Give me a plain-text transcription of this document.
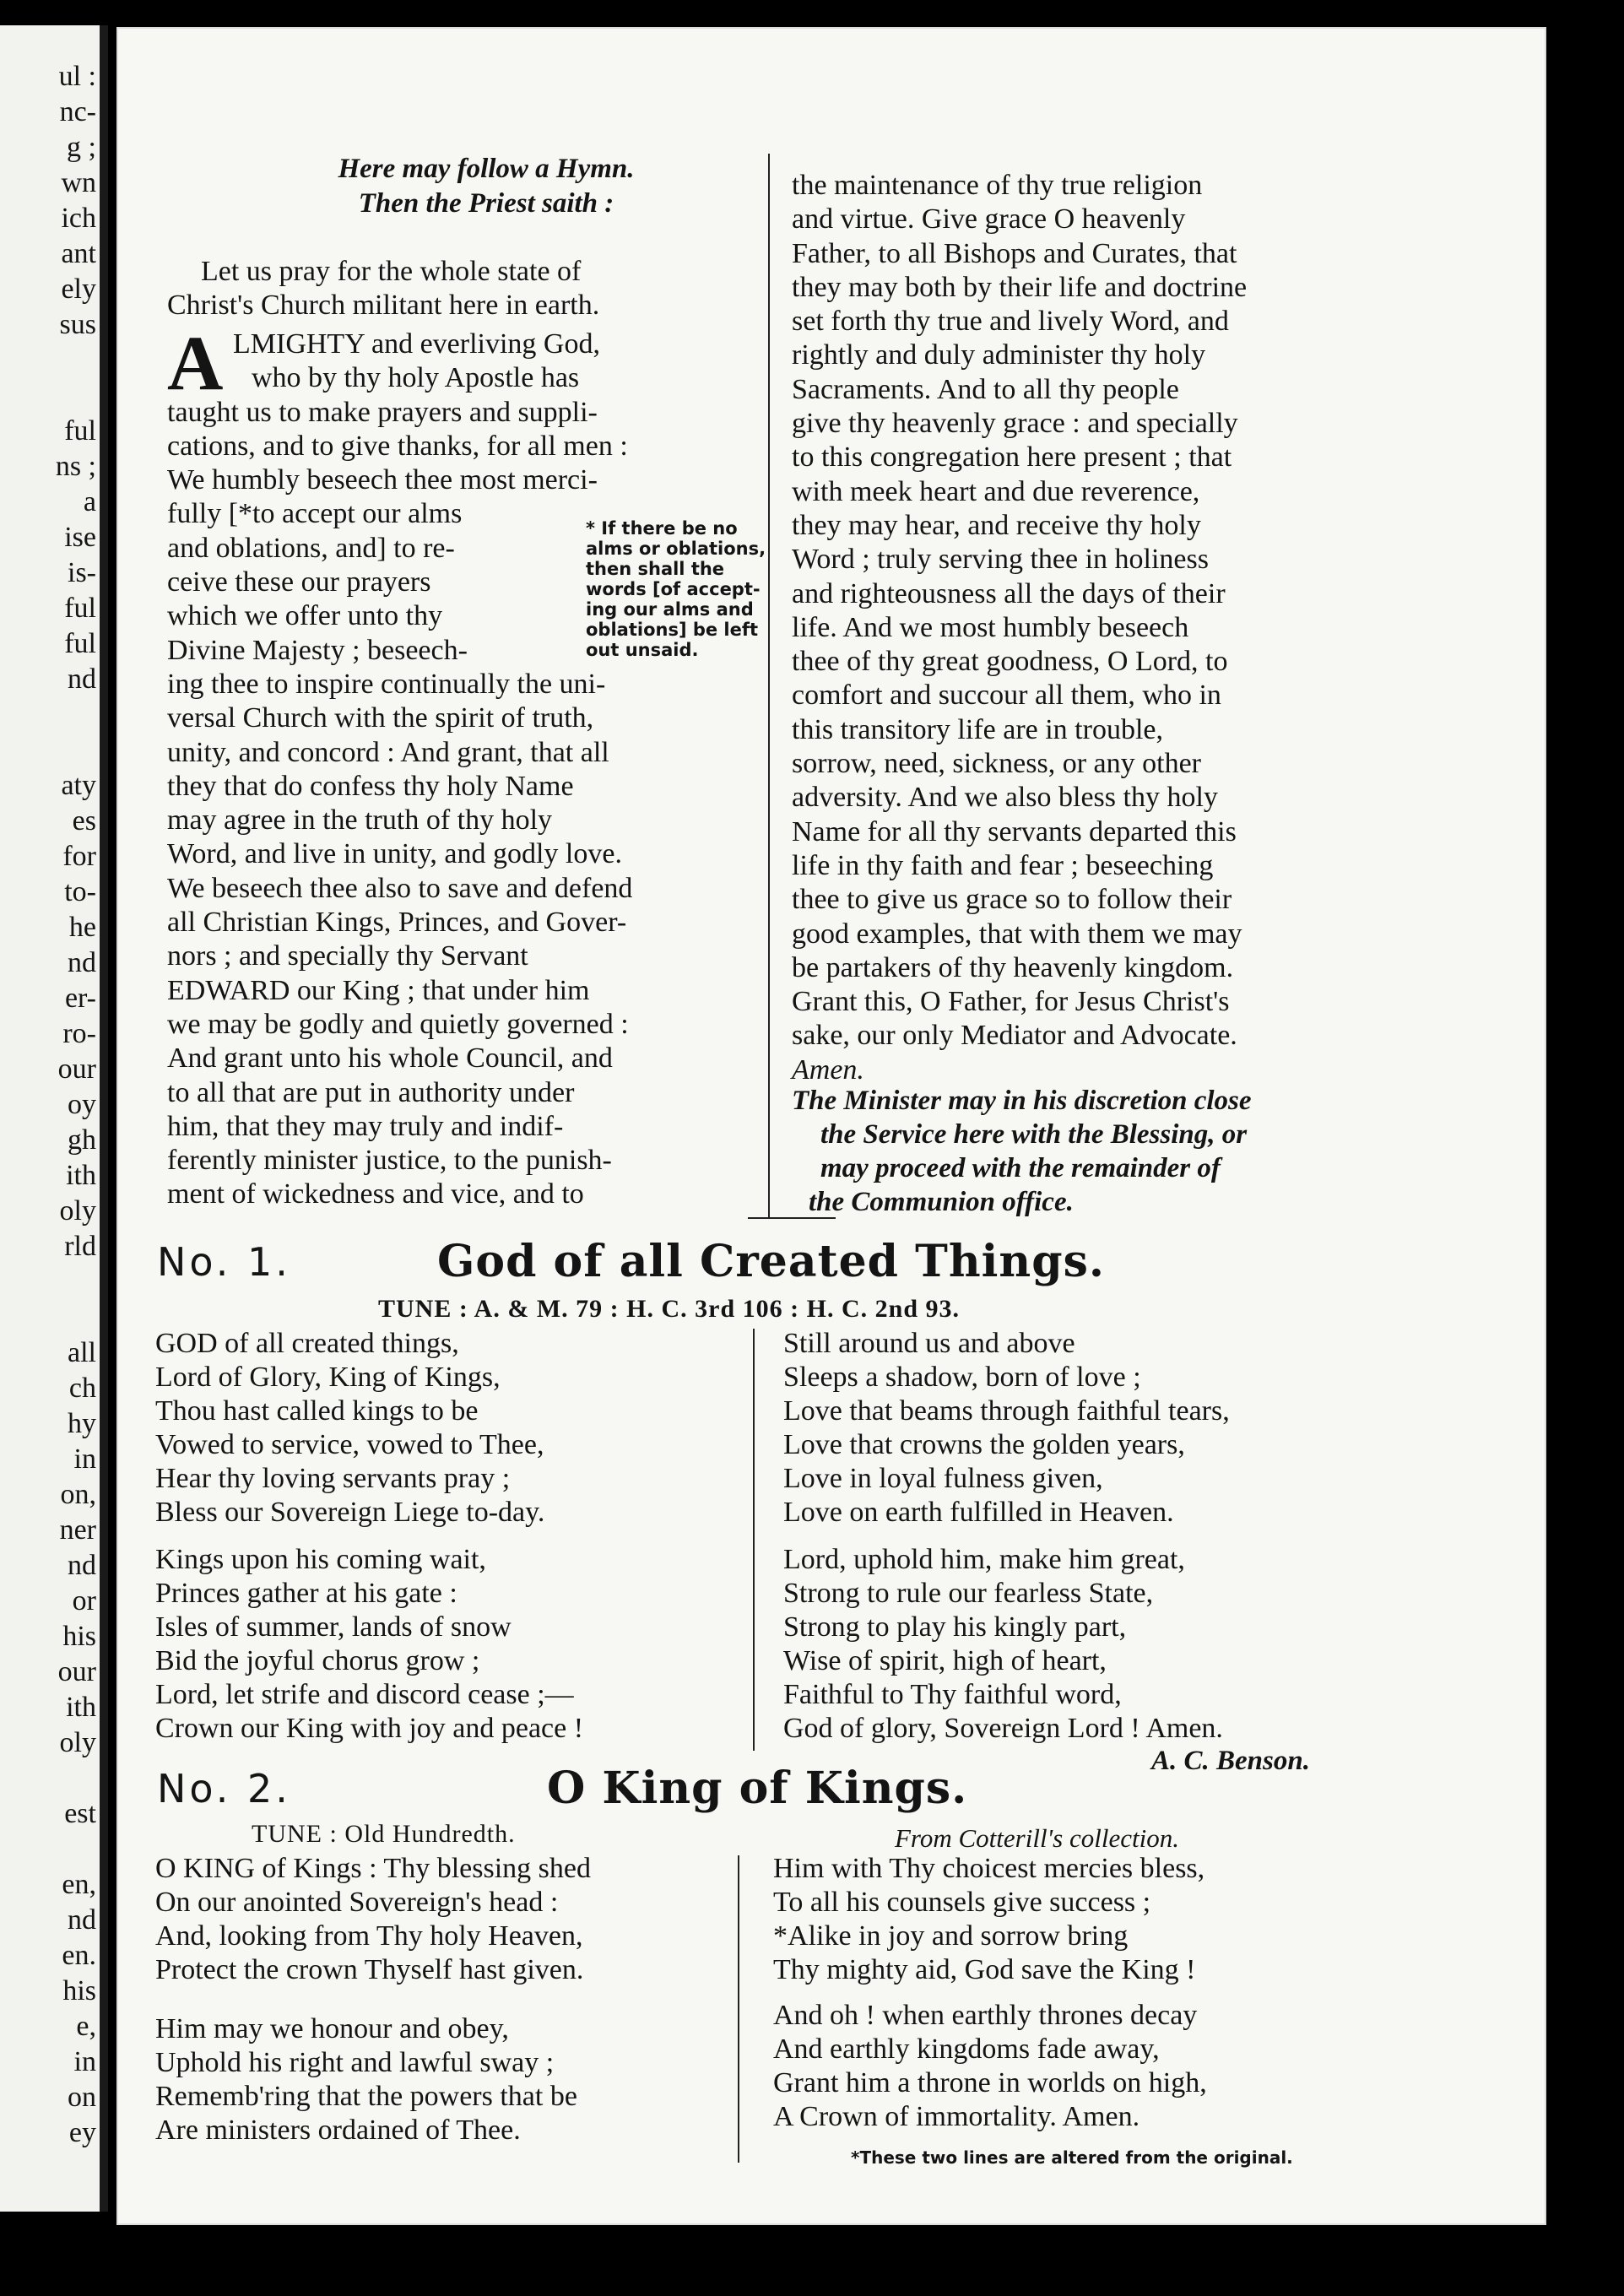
ul :
nc-
g ;
wn
ich
ant
ely
sus
ful
ns ;
a
ise
is-
ful
ful
nd
aty
es
for
to-
he
nd
er-
ro-
our
oy
gh
ith
oly
rld
all
ch
hy
in
on,
ner
nd
or
his
our
ith
oly
est
en,
nd
en.
his
e,
in
on
ey
Here may follow a Hymn.
Then the Priest saith :
Let us pray for the whole state of
Christ's Church militant here in earth.
A LMIGHTY and everliving God,
who by thy holy Apostle has
taught us to make prayers and suppli-
cations, and to give thanks, for all men :
We humbly beseech thee most merci-
fully [*to accept our alms
and oblations, and] to re-
ceive these our prayers
which we offer unto thy
Divine Majesty ; beseech-
ing thee to inspire continually the uni-
versal Church with the spirit of truth,
unity, and concord : And grant, that all
they that do confess thy holy Name
may agree in the truth of thy holy
Word, and live in unity, and godly love.
We beseech thee also to save and defend
all Christian Kings, Princes, and Gover-
nors ; and specially thy Servant
EDWARD our King ; that under him
we may be godly and quietly governed :
And grant unto his whole Council, and
to all that are put in authority under
him, that they may truly and indif-
ferently minister justice, to the punish-
ment of wickedness and vice, and to
* If there be no
alms or oblations,
then shall the
words [of accept-
ing our alms and
oblations] be left
out unsaid.
the maintenance of thy true religion
and virtue. Give grace O heavenly
Father, to all Bishops and Curates, that
they may both by their life and doctrine
set forth thy true and lively Word, and
rightly and duly administer thy holy
Sacraments. And to all thy people
give thy heavenly grace : and specially
to this congregation here present ; that
with meek heart and due reverence,
they may hear, and receive thy holy
Word ; truly serving thee in holiness
and righteousness all the days of their
life. And we most humbly beseech
thee of thy great goodness, O Lord, to
comfort and succour all them, who in
this transitory life are in trouble,
sorrow, need, sickness, or any other
adversity. And we also bless thy holy
Name for all thy servants departed this
life in thy faith and fear ; beseeching
thee to give us grace so to follow their
good examples, that with them we may
be partakers of thy heavenly kingdom.
Grant this, O Father, for Jesus Christ's
sake, our only Mediator and Advocate.
Amen.
The Minister may in his discretion close
the Service here with the Blessing, or
may proceed with the remainder of
the Communion office.
No. 1.	God of all Created Things.
TUNE : A. & M. 79 : H. C. 3rd 106 : H. C. 2nd 93.
GOD of all created things,
Lord of Glory, King of Kings,
Thou hast called kings to be
Vowed to service, vowed to Thee,
Hear thy loving servants pray ;
Bless our Sovereign Liege to-day.
Kings upon his coming wait,
Princes gather at his gate :
Isles of summer, lands of snow
Bid the joyful chorus grow ;
Lord, let strife and discord cease ;—
Crown our King with joy and peace !
Still around us and above
Sleeps a shadow, born of love ;
Love that beams through faithful tears,
Love that crowns the golden years,
Love in loyal fulness given,
Love on earth fulfilled in Heaven.
Lord, uphold him, make him great,
Strong to rule our fearless State,
Strong to play his kingly part,
Wise of spirit, high of heart,
Faithful to Thy faithful word,
God of glory, Sovereign Lord ! Amen.
A. C. Benson.
No. 2.	O King of Kings.
TUNE : Old Hundredth.	From Cotterill's collection.
O KING of Kings : Thy blessing shed
On our anointed Sovereign's head :
And, looking from Thy holy Heaven,
Protect the crown Thyself hast given.
Him may we honour and obey,
Uphold his right and lawful sway ;
Rememb'ring that the powers that be
Are ministers ordained of Thee.
Him with Thy choicest mercies bless,
To all his counsels give success ;
*Alike in joy and sorrow bring
Thy mighty aid, God save the King !
And oh ! when earthly thrones decay
And earthly kingdoms fade away,
Grant him a throne in worlds on high,
A Crown of immortality. Amen.
*These two lines are altered from the original.
